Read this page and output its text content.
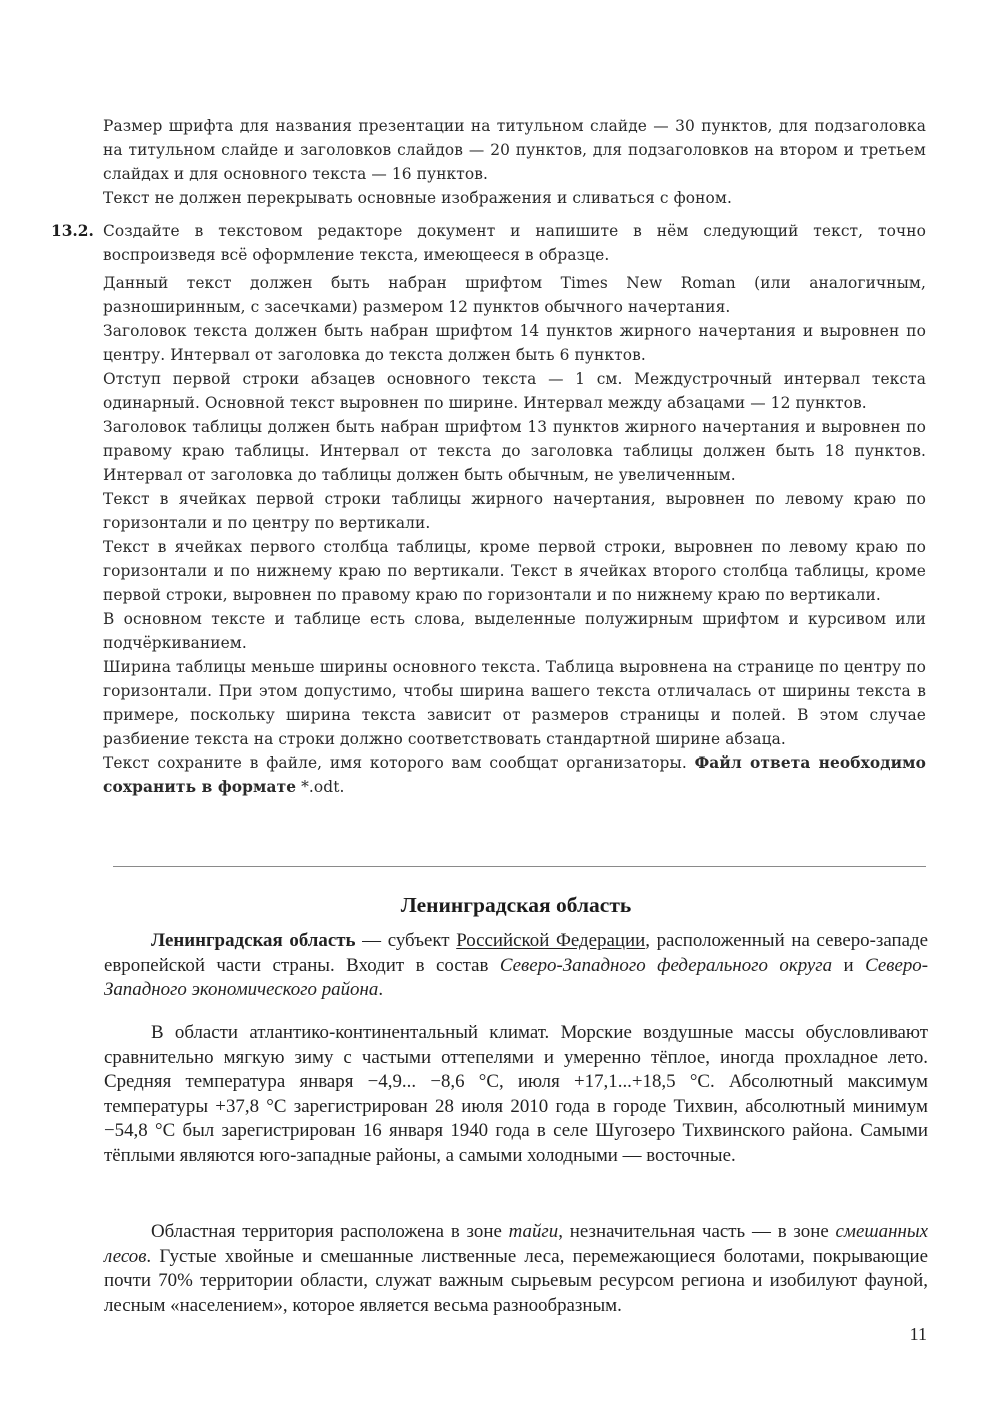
Размер шрифта для названия презентации на титульном слайде — 30 пунктов, для подзаголовка на титульном слайде и заголовков слайдов — 20 пунктов, для подзаголовков на втором и третьем слайдах и для основного текста — 16 пунктов.

Текст не должен перекрывать основные изображения и сливаться с фоном.

13.2. Создайте в текстовом редакторе документ и напишите в нём следующий текст, точно воспроизведя всё оформление текста, имеющееся в образце.

Данный текст должен быть набран шрифтом Times New Roman (или аналогичным, разноширинным, с засечками) размером 12 пунктов обычного начертания.

Заголовок текста должен быть набран шрифтом 14 пунктов жирного начертания и выровнен по центру. Интервал от заголовка до текста должен быть 6 пунктов.

Отступ первой строки абзацев основного текста — 1 см. Междустрочный интервал текста одинарный. Основной текст выровнен по ширине. Интервал между абзацами — 12 пунктов.

Заголовок таблицы должен быть набран шрифтом 13 пунктов жирного начертания и выровнен по правому краю таблицы. Интервал от текста до заголовка таблицы должен быть 18 пунктов. Интервал от заголовка до таблицы должен быть обычным, не увеличенным.

Текст в ячейках первой строки таблицы жирного начертания, выровнен по левому краю по горизонтали и по центру по вертикали.

Текст в ячейках первого столбца таблицы, кроме первой строки, выровнен по левому краю по горизонтали и по нижнему краю по вертикали. Текст в ячейках второго столбца таблицы, кроме первой строки, выровнен по правому краю по горизонтали и по нижнему краю по вертикали.

В основном тексте и таблице есть слова, выделенные полужирным шрифтом и курсивом или подчёркиванием.

Ширина таблицы меньше ширины основного текста. Таблица выровнена на странице по центру по горизонтали. При этом допустимо, чтобы ширина вашего текста отличалась от ширины текста в примере, поскольку ширина текста зависит от размеров страницы и полей. В этом случае разбиение текста на строки должно соответствовать стандартной ширине абзаца.

Текст сохраните в файле, имя которого вам сообщат организаторы. Файл ответа необходимо сохранить в формате *.odt.

Ленинградская область

Ленинградская область — субъект Российской Федерации, расположенный на северо-западе европейской части страны. Входит в состав Северо-Западного федерального округа и Северо-Западного экономического района.

В области атлантико-континентальный климат. Морские воздушные массы обусловливают сравнительно мягкую зиму с частыми оттепелями и умеренно тёплое, иногда прохладное лето. Средняя температура января −4,9... −8,6 °С, июля +17,1...+18,5 °С. Абсолютный максимум температуры +37,8 °С зарегистрирован 28 июля 2010 года в городе Тихвин, абсолютный минимум −54,8 °С был зарегистрирован 16 января 1940 года в селе Шугозеро Тихвинского района. Самыми тёплыми являются юго-западные районы, а самыми холодными — восточные.

Областная территория расположена в зоне тайги, незначительная часть — в зоне смешанных лесов. Густые хвойные и смешанные лиственные леса, перемежающиеся болотами, покрывающие почти 70% территории области, служат важным сырьевым ресурсом региона и изобилуют фауной, лесным «населением», которое является весьма разнообразным.

11
